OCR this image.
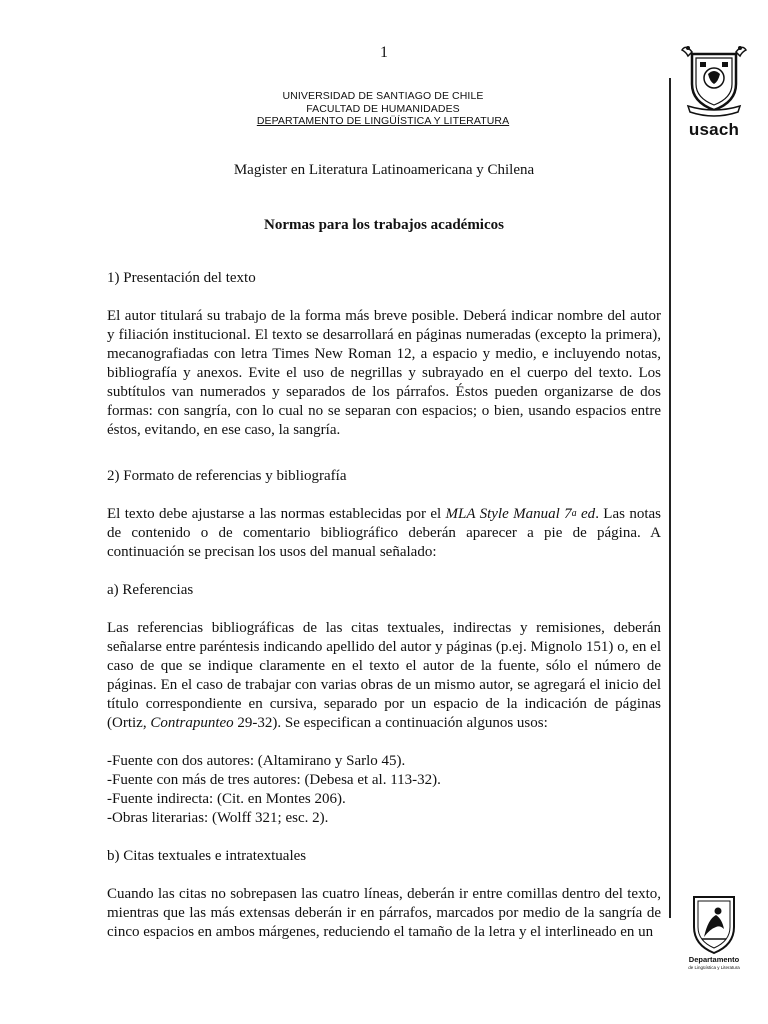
1
UNIVERSIDAD DE SANTIAGO DE CHILE
FACULTAD DE HUMANIDADES
DEPARTAMENTO DE LINGÜÍSTICA Y LITERATURA
Magister en Literatura Latinoamericana y Chilena
Normas para los trabajos académicos
usach
Departamento
de Lingüística y Literatura

1) Presentación del texto

El autor titulará su trabajo de la forma más breve posible. Deberá indicar nombre del autor y filiación institucional. El texto se desarrollará en páginas numeradas (excepto la primera), mecanografiadas con letra Times New Roman 12, a espacio y medio, e incluyendo notas, bibliografía y anexos. Evite el uso de negrillas y subrayado en el cuerpo del texto. Los subtítulos van numerados y separados de los párrafos. Éstos pueden organizarse de dos formas: con sangría, con lo cual no se separan con espacios; o bien, usando espacios entre éstos, evitando, en ese caso, la sangría.

2) Formato de referencias y bibliografía

El texto debe ajustarse a las normas establecidas por el MLA Style Manual 7$^a$ ed. Las notas de contenido o de comentario bibliográfico deberán aparecer a pie de página. A continuación se precisan los usos del manual señalado:

a) Referencias

Las referencias bibliográficas de las citas textuales, indirectas y remisiones, deberán señalarse entre paréntesis indicando apellido del autor y páginas (p.ej. Mignolo 151) o, en el caso de que se indique claramente en el texto el autor de la fuente, sólo el número de páginas. En el caso de trabajar con varias obras de un mismo autor, se agregará el inicio del título correspondiente en cursiva, separado por un espacio de la indicación de páginas (Ortiz, Contrapunteo 29-32). Se especifican a continuación algunos usos:

-Fuente con dos autores: (Altamirano y Sarlo 45).

-Fuente con más de tres autores: (Debesa et al. 113-32).

-Fuente indirecta: (Cit. en Montes 206).

-Obras literarias: (Wolff 321; esc. 2).

b) Citas textuales e intratextuales

Cuando las citas no sobrepasen las cuatro líneas, deberán ir entre comillas dentro del texto, mientras que las más extensas deberán ir en párrafos, marcados por medio de la sangría de cinco espacios en ambos márgenes, reduciendo el tamaño de la letra y el interlineado en un
